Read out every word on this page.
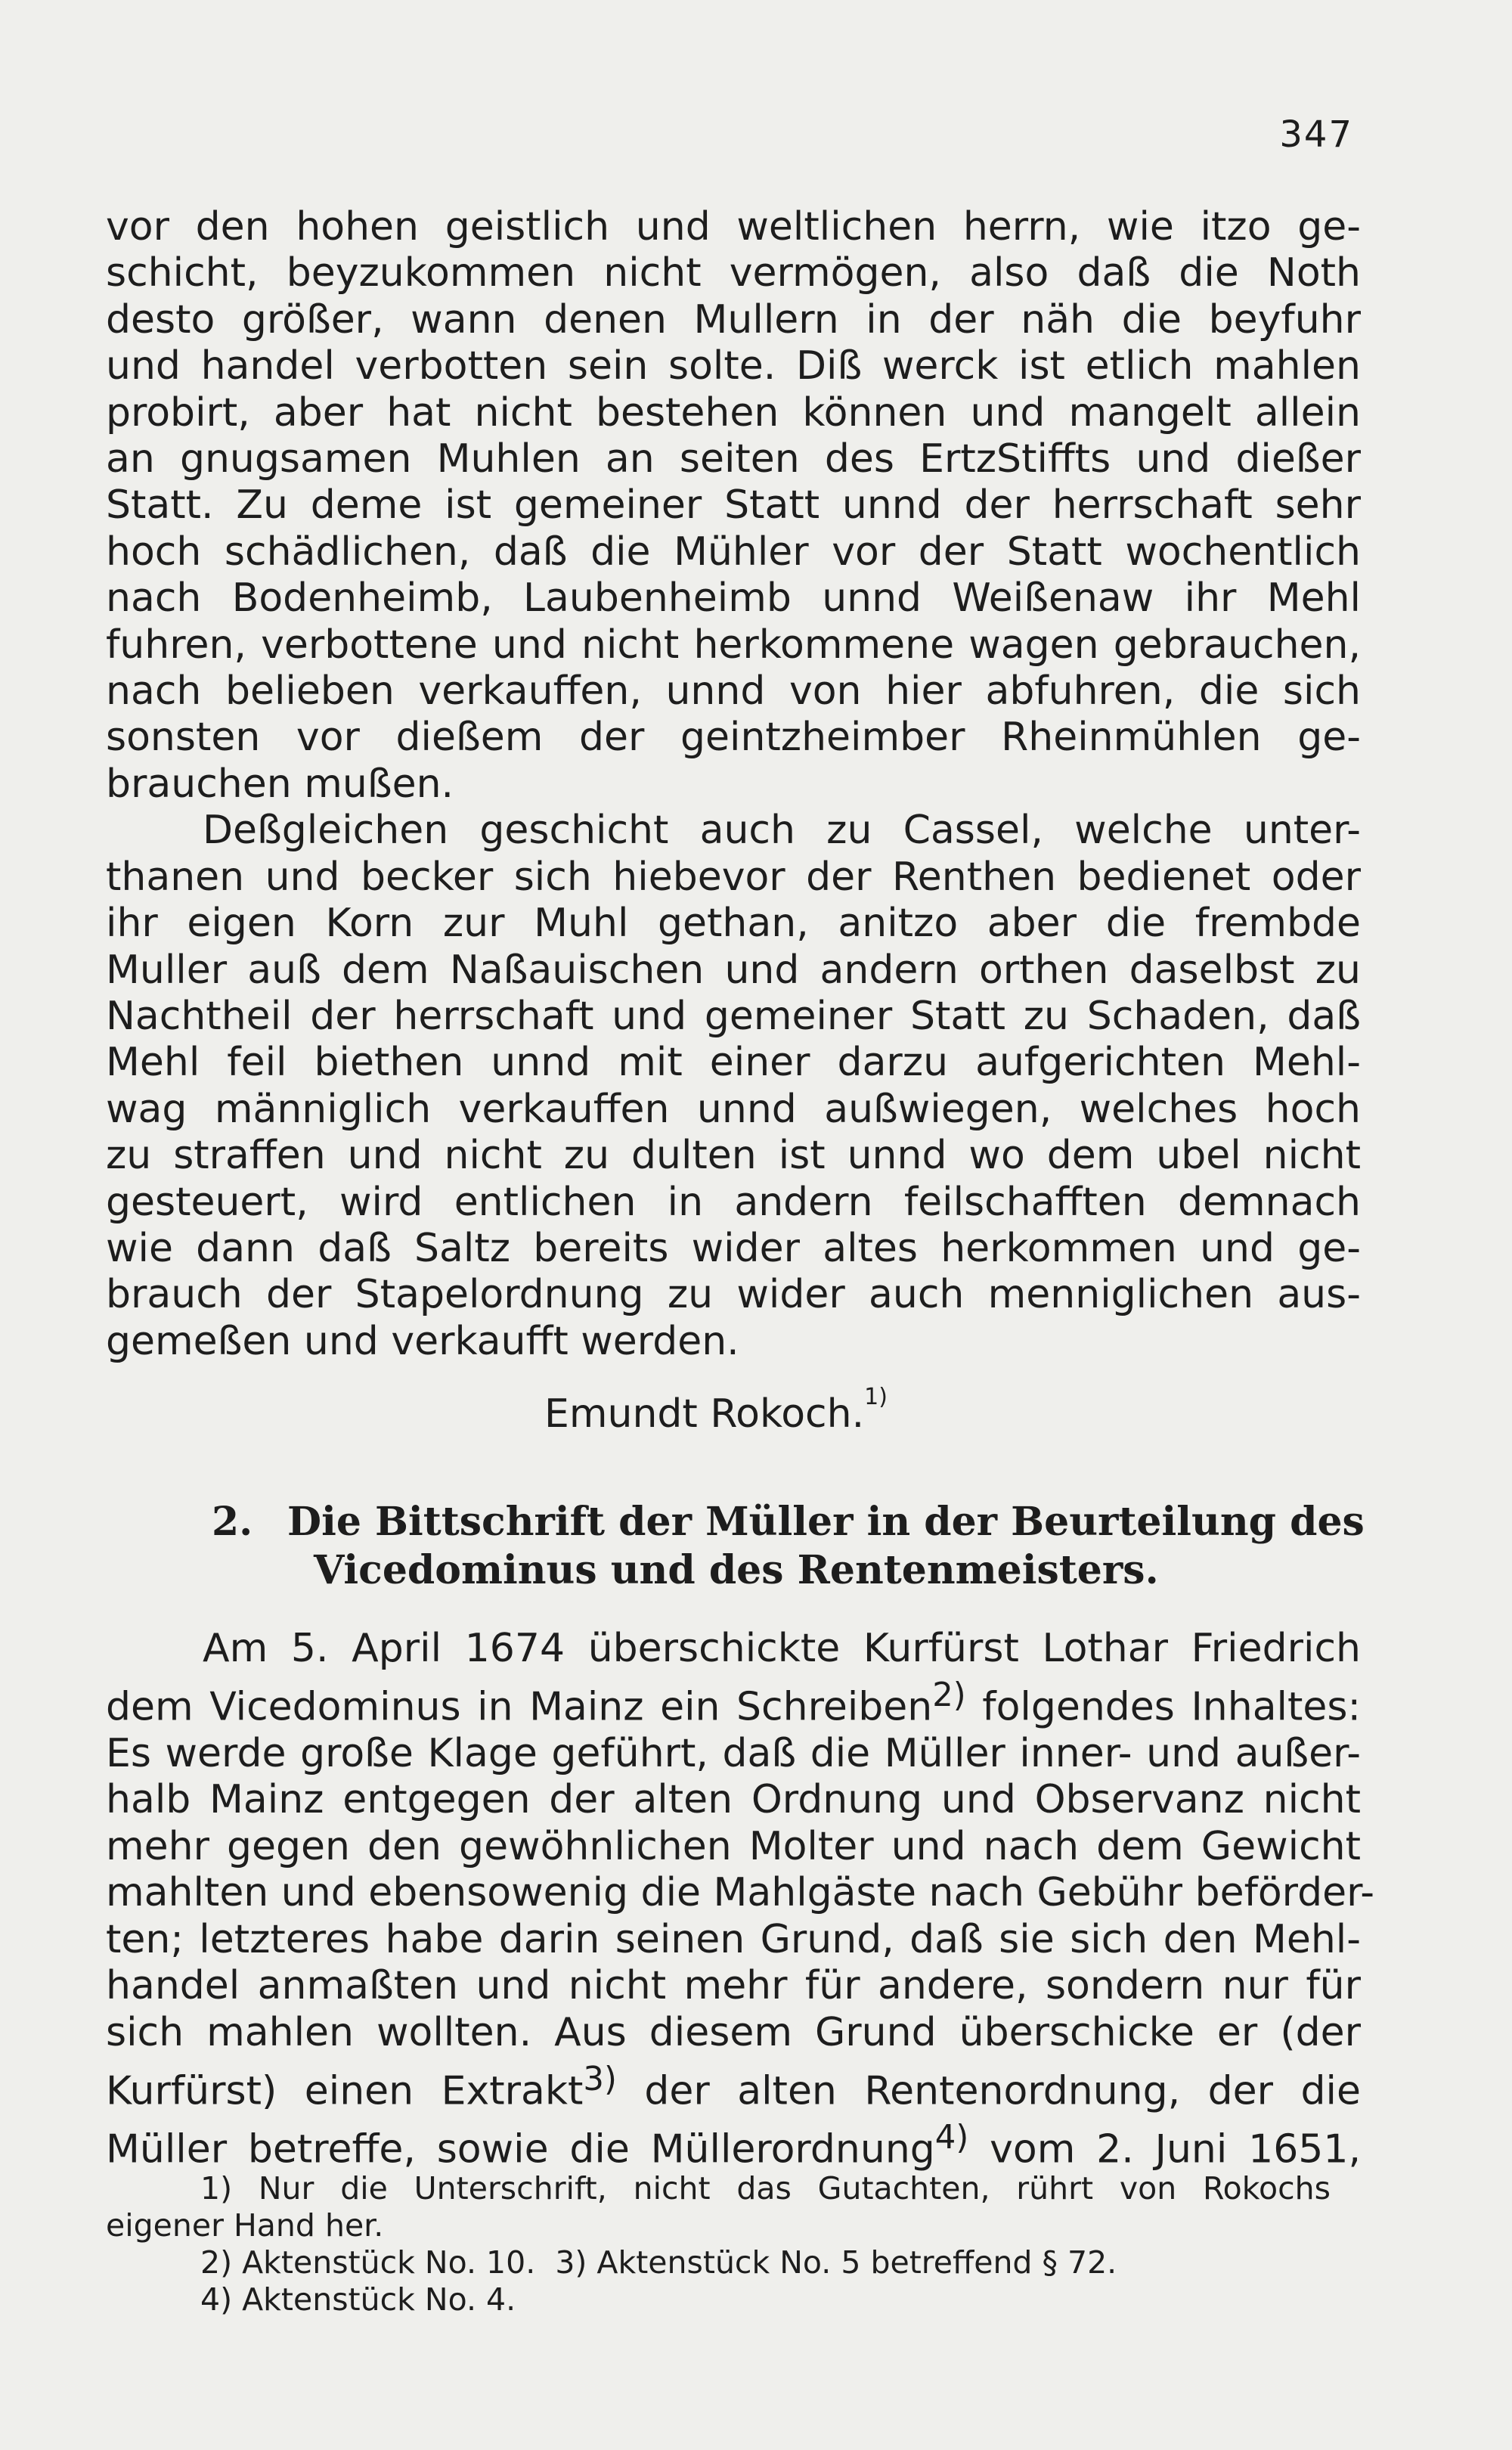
347
vor den hohen geistlich und weltlichen herrn, wie itzo ge-
schicht, beyzukommen nicht vermögen, also daß die Noth
desto größer, wann denen Mullern in der näh die beyfuhr
und handel verbotten sein solte. Diß werck ist etlich mahlen
probirt, aber hat nicht bestehen können und mangelt allein
an gnugsamen Muhlen an seiten des ErtzStiffts und dießer
Statt. Zu deme ist gemeiner Statt unnd der herrschaft sehr
hoch schädlichen, daß die Mühler vor der Statt wochentlich
nach Bodenheimb, Laubenheimb unnd Weißenaw ihr Mehl
fuhren, verbottene und nicht herkommene wagen gebrauchen,
nach belieben verkauffen, unnd von hier abfuhren, die sich
sonsten vor dießem der geintzheimber Rheinmühlen ge-
brauchen mußen.
Deßgleichen geschicht auch zu Cassel, welche unter-
thanen und becker sich hiebevor der Renthen bedienet oder
ihr eigen Korn zur Muhl gethan, anitzo aber die frembde
Muller auß dem Naßauischen und andern orthen daselbst zu
Nachtheil der herrschaft und gemeiner Statt zu Schaden, daß
Mehl feil biethen unnd mit einer darzu aufgerichten Mehl-
wag männiglich verkauffen unnd außwiegen, welches hoch
zu straffen und nicht zu dulten ist unnd wo dem ubel nicht
gesteuert, wird entlichen in andern feilschafften demnach
wie dann daß Saltz bereits wider altes herkommen und ge-
brauch der Stapelordnung zu wider auch menniglichen aus-
gemeßen und verkaufft werden.
Emundt Rokoch.$^{1)}$
2. Die Bittschrift der Müller in der Beurteilung des
Vicedominus und des Rentenmeisters.
Am 5. April 1674 überschickte Kurfürst Lothar Friedrich
dem Vicedominus in Mainz ein Schreiben$^{2)}$ folgendes Inhaltes:
Es werde große Klage geführt, daß die Müller inner- und außer-
halb Mainz entgegen der alten Ordnung und Observanz nicht
mehr gegen den gewöhnlichen Molter und nach dem Gewicht
mahlten und ebensowenig die Mahlgäste nach Gebühr beförder-
ten; letzteres habe darin seinen Grund, daß sie sich den Mehl-
handel anmaßten und nicht mehr für andere, sondern nur für
sich mahlen wollten. Aus diesem Grund überschicke er (der
Kurfürst) einen Extrakt$^{3)}$ der alten Rentenordnung, der die
Müller betreffe, sowie die Müllerordnung$^{4)}$ vom 2. Juni 1651,
1) Nur die Unterschrift, nicht das Gutachten, rührt von Rokochs
eigener Hand her.
2) Aktenstück No. 10. 3) Aktenstück No. 5 betreffend § 72.
4) Aktenstück No. 4.
